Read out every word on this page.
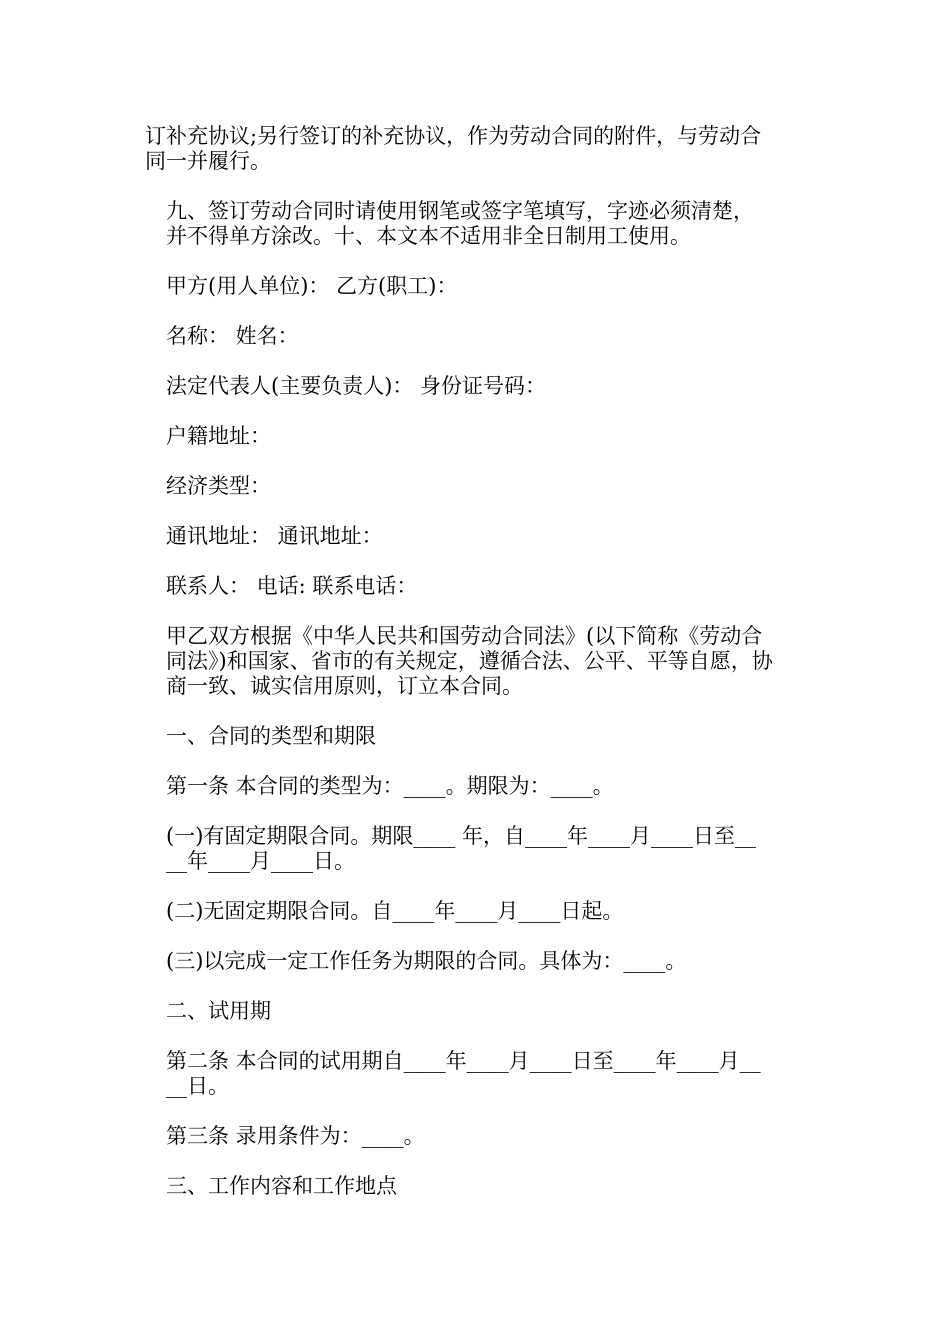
订补充协议;另行签订的补充协议，作为劳动合同的附件，与劳动合
同一并履行。

九、签订劳动合同时请使用钢笔或签字笔填写，字迹必须清楚，
并不得单方涂改。十、本文本不适用非全日制用工使用。

甲方(用人单位)： 乙方(职工)：

名称： 姓名：

法定代表人(主要负责人)： 身份证号码：

户籍地址：

经济类型：

通讯地址： 通讯地址：

联系人： 电话: 联系电话：

甲乙双方根据《中华人民共和国劳动合同法》(以下简称《劳动合
同法》)和国家、省市的有关规定，遵循合法、公平、平等自愿，协
商一致、诚实信用原则，订立本合同。

一、合同的类型和期限

第一条 本合同的类型为：____。期限为：____。

(一)有固定期限合同。期限____ 年，自____年____月____日至__
__年____月____日。

(二)无固定期限合同。自____年____月____日起。

(三)以完成一定工作任务为期限的合同。具体为：____。

二、试用期

第二条 本合同的试用期自____年____月____日至____年____月__
__日。

第三条 录用条件为：____。

三、工作内容和工作地点
